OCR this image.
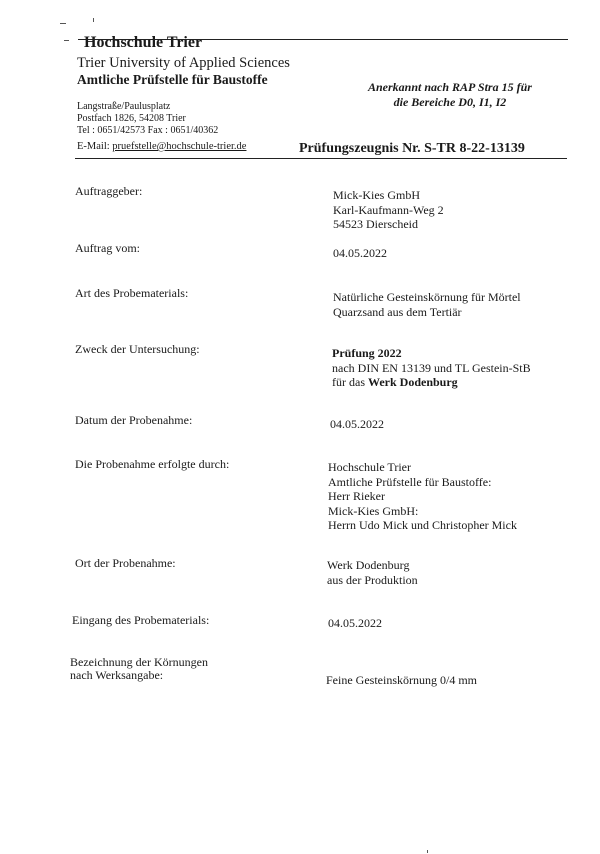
Hochschule Trier
Trier University of Applied Sciences
Amtliche Prüfstelle für Baustoffe	Anerkannt nach RAP Stra 15 für
die Bereiche D0, I1, I2
Langstraße/Paulusplatz
Postfach 1826, 54208 Trier
Tel : 0651/42573 Fax : 0651/40362
E-Mail: pruefstelle@hochschule-trier.de	Prüfungszeugnis Nr. S-TR 8-22-13139
Auftraggeber:	Mick-Kies GmbH
Karl-Kaufmann-Weg 2
54523 Dierscheid
Auftrag vom:	04.05.2022
Art des Probematerials:	Natürliche Gesteinskörnung für Mörtel
Quarzsand aus dem Tertiär
Zweck der Untersuchung:	Prüfung 2022
nach DIN EN 13139 und TL Gestein-StB
für das Werk Dodenburg
Datum der Probenahme:	04.05.2022
Die Probenahme erfolgte durch:	Hochschule Trier
Amtliche Prüfstelle für Baustoffe:
Herr Rieker
Mick-Kies GmbH:
Herrn Udo Mick und Christopher Mick
Ort der Probenahme:	Werk Dodenburg
aus der Produktion
Eingang des Probematerials:	04.05.2022
Bezeichnung der Körnungen
nach Werksangabe:	Feine Gesteinskörnung 0/4 mm
